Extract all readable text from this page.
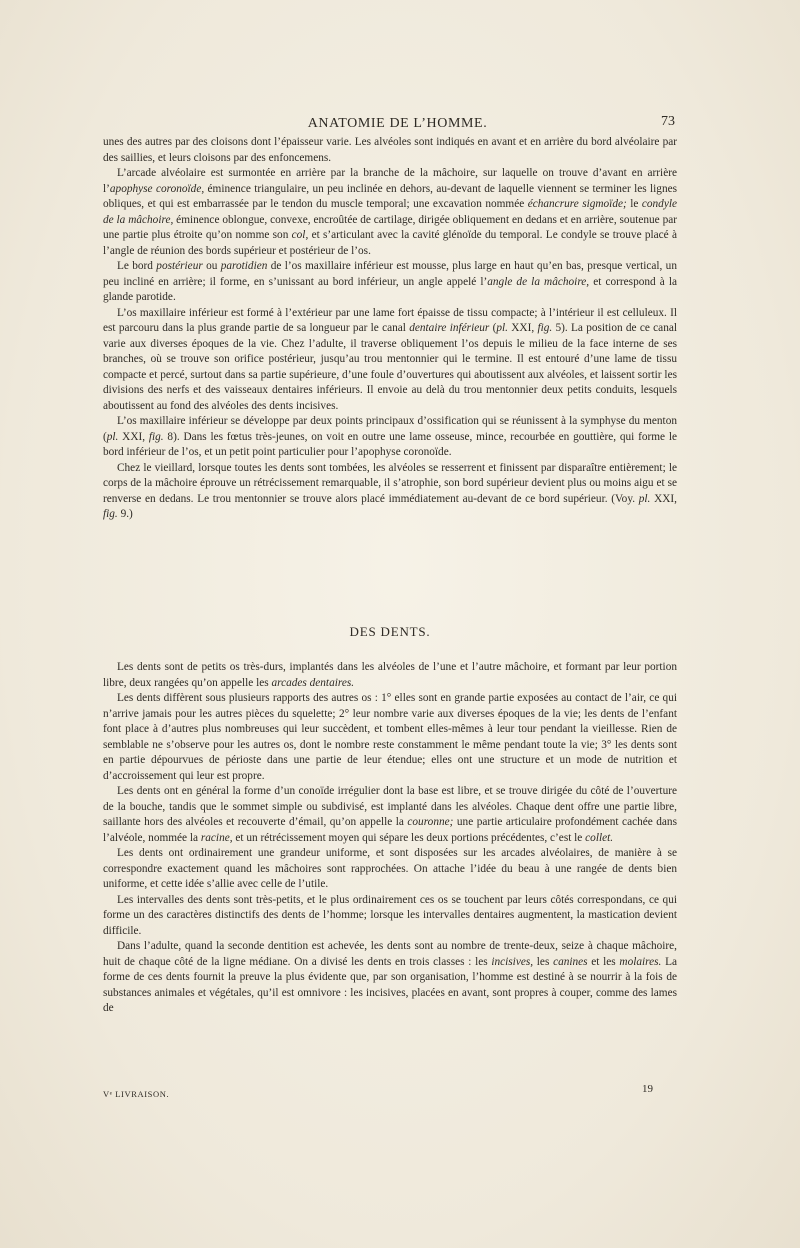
ANATOMIE DE L’HOMME.	73

unes des autres par des cloisons dont l’épaisseur varie. Les alvéoles sont indiqués en avant et en arrière du bord alvéolaire par des saillies, et leurs cloisons par des enfoncemens.

L’arcade alvéolaire est surmontée en arrière par la branche de la mâchoire, sur laquelle on trouve d’avant en arrière l’apophyse coronoïde, éminence triangulaire, un peu inclinée en dehors, au-devant de laquelle viennent se terminer les lignes obliques, et qui est embarrassée par le tendon du muscle temporal; une excavation nommée échancrure sigmoïde; le condyle de la mâchoire, éminence oblongue, convexe, encroûtée de cartilage, dirigée obliquement en dedans et en arrière, soutenue par une partie plus étroite qu’on nomme son col, et s’articulant avec la cavité glénoïde du temporal. Le condyle se trouve placé à l’angle de réunion des bords supérieur et postérieur de l’os.

Le bord postérieur ou parotidien de l’os maxillaire inférieur est mousse, plus large en haut qu’en bas, presque vertical, un peu incliné en arrière; il forme, en s’unissant au bord inférieur, un angle appelé l’angle de la mâchoire, et correspond à la glande parotide.

L’os maxillaire inférieur est formé à l’extérieur par une lame fort épaisse de tissu compacte; à l’intérieur il est celluleux. Il est parcouru dans la plus grande partie de sa longueur par le canal dentaire inférieur (pl. XXI, fig. 5). La position de ce canal varie aux diverses époques de la vie. Chez l’adulte, il traverse obliquement l’os depuis le milieu de la face interne de ses branches, où se trouve son orifice postérieur, jusqu’au trou mentonnier qui le termine. Il est entouré d’une lame de tissu compacte et percé, surtout dans sa partie supérieure, d’une foule d’ouvertures qui aboutissent aux alvéoles, et laissent sortir les divisions des nerfs et des vaisseaux dentaires inférieurs. Il envoie au delà du trou mentonnier deux petits conduits, lesquels aboutissent au fond des alvéoles des dents incisives.

L’os maxillaire inférieur se développe par deux points principaux d’ossification qui se réunissent à la symphyse du menton (pl. XXI, fig. 8). Dans les fœtus très-jeunes, on voit en outre une lame osseuse, mince, recourbée en gouttière, qui forme le bord inférieur de l’os, et un petit point particulier pour l’apophyse coronoïde.

Chez le vieillard, lorsque toutes les dents sont tombées, les alvéoles se resserrent et finissent par disparaître entièrement; le corps de la mâchoire éprouve un rétrécissement remarquable, il s’atrophie, son bord supérieur devient plus ou moins aigu et se renverse en dedans. Le trou mentonnier se trouve alors placé immédiatement au-devant de ce bord supérieur. (Voy. pl. XXI, fig. 9.)

DES DENTS.

Les dents sont de petits os très-durs, implantés dans les alvéoles de l’une et l’autre mâchoire, et formant par leur portion libre, deux rangées qu’on appelle les arcades dentaires.

Les dents diffèrent sous plusieurs rapports des autres os : 1° elles sont en grande partie exposées au contact de l’air, ce qui n’arrive jamais pour les autres pièces du squelette; 2° leur nombre varie aux diverses époques de la vie; les dents de l’enfant font place à d’autres plus nombreuses qui leur succèdent, et tombent elles-mêmes à leur tour pendant la vieillesse. Rien de semblable ne s’observe pour les autres os, dont le nombre reste constamment le même pendant toute la vie; 3° les dents sont en partie dépourvues de périoste dans une partie de leur étendue; elles ont une structure et un mode de nutrition et d’accroissement qui leur est propre.

Les dents ont en général la forme d’un conoïde irrégulier dont la base est libre, et se trouve dirigée du côté de l’ouverture de la bouche, tandis que le sommet simple ou subdivisé, est implanté dans les alvéoles. Chaque dent offre une partie libre, saillante hors des alvéoles et recouverte d’émail, qu’on appelle la couronne; une partie articulaire profondément cachée dans l’alvéole, nommée la racine, et un rétrécissement moyen qui sépare les deux portions précédentes, c’est le collet.

Les dents ont ordinairement une grandeur uniforme, et sont disposées sur les arcades alvéolaires, de manière à se correspondre exactement quand les mâchoires sont rapprochées. On attache l’idée du beau à une rangée de dents bien uniforme, et cette idée s’allie avec celle de l’utile.

Les intervalles des dents sont très-petits, et le plus ordinairement ces os se touchent par leurs côtés correspondans, ce qui forme un des caractères distinctifs des dents de l’homme; lorsque les intervalles dentaires augmentent, la mastication devient difficile.

Dans l’adulte, quand la seconde dentition est achevée, les dents sont au nombre de trente-deux, seize à chaque mâchoire, huit de chaque côté de la ligne médiane. On a divisé les dents en trois classes : les incisives, les canines et les molaires. La forme de ces dents fournit la preuve la plus évidente que, par son organisation, l’homme est destiné à se nourrir à la fois de substances animales et végétales, qu’il est omnivore : les incisives, placées en avant, sont propres à couper, comme des lames de

Vᵉ LIVRAISON.	19
